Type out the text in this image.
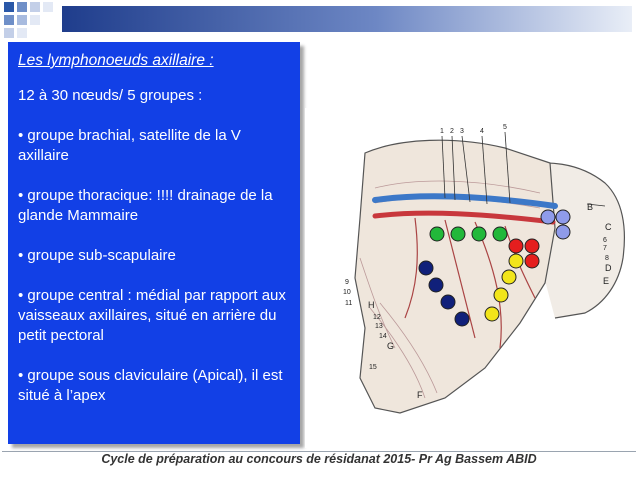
Les lymphonoeuds axillaire :
12 à 30 nœuds/ 5 groupes :
• groupe brachial, satellite de la V axillaire
• groupe thoracique: !!!! drainage de la glande Mammaire
• groupe sub-scapulaire
• groupe central : médial par rapport aux vaisseaux axillaires, situé en arrière du petit pectoral
• groupe sous claviculaire (Apical), il est situé à l’apex
1 2 3 4
5
B
C
6
7
8
D
E
9
10
11 H
12
13
14
G
15
F
Cycle de préparation au concours de résidanat 2015- Pr Ag Bassem ABID
